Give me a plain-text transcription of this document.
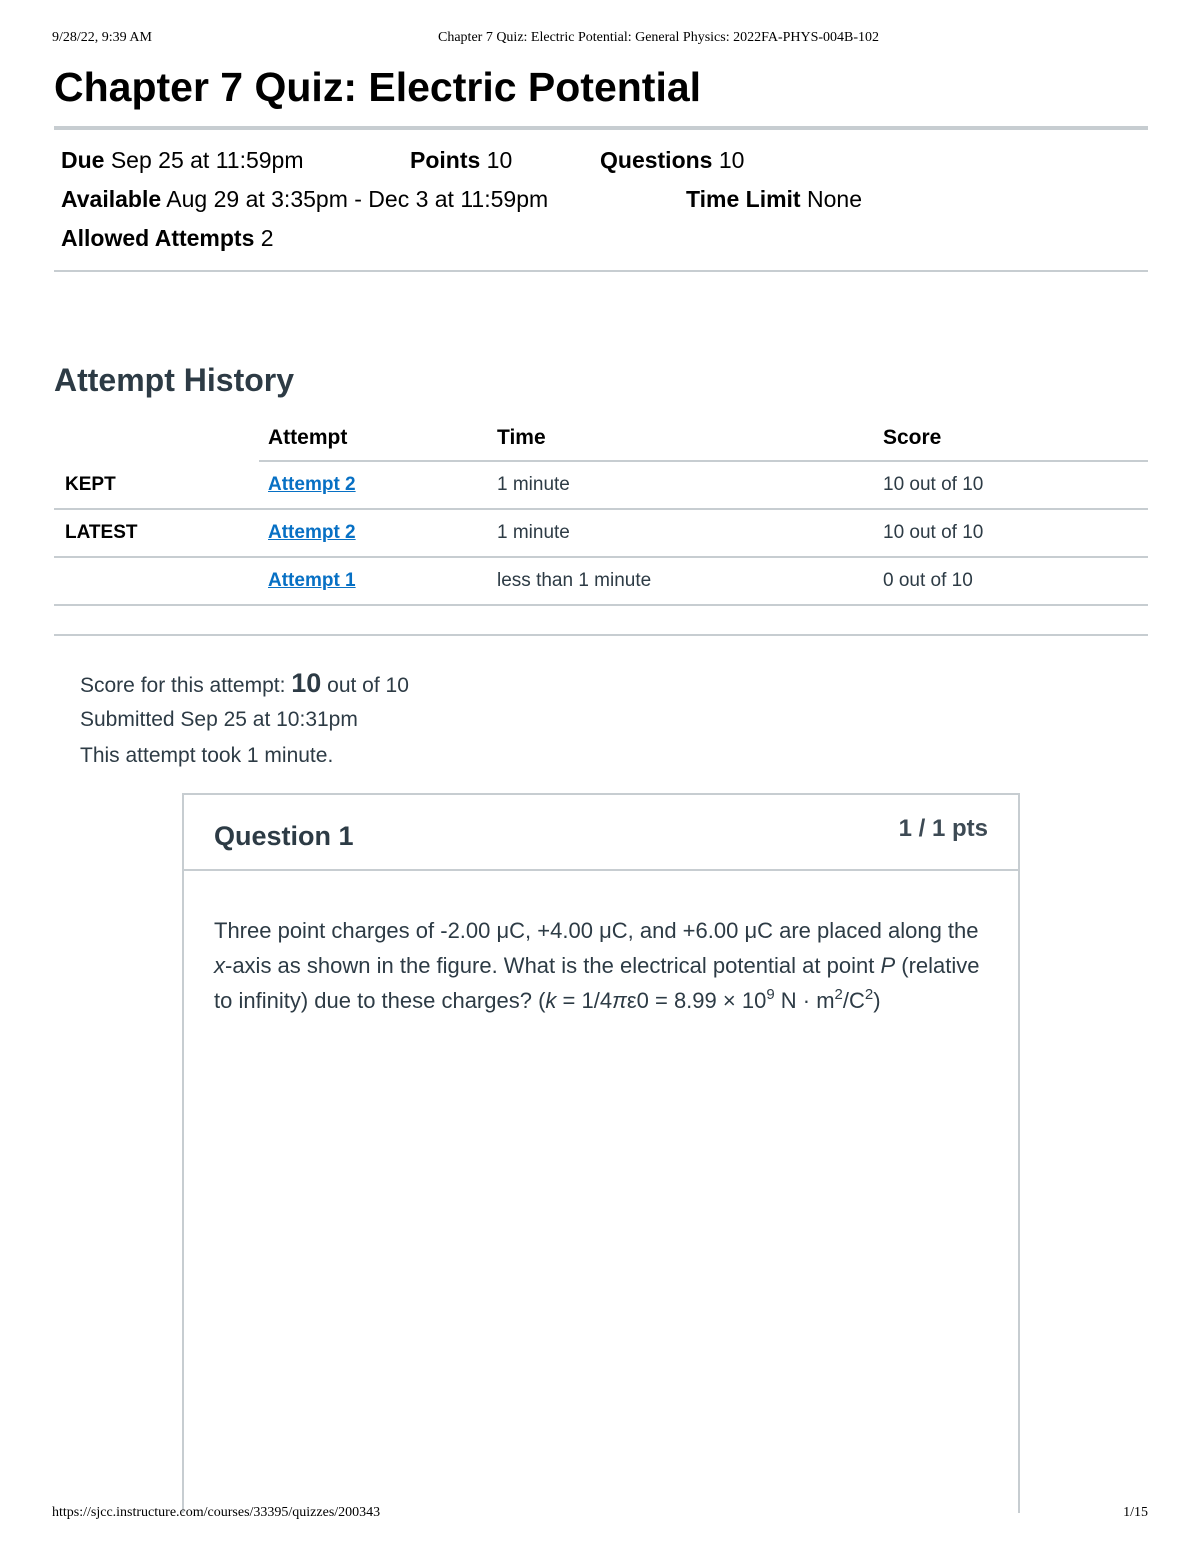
9/28/22, 9:39 AM	Chapter 7 Quiz: Electric Potential: General Physics: 2022FA-PHYS-004B-102
Chapter 7 Quiz: Electric Potential
Due Sep 25 at 11:59pm	Points 10	Questions 10
Available Aug 29 at 3:35pm - Dec 3 at 11:59pm	Time Limit None
Allowed Attempts 2
Attempt History
	Attempt	Time	Score
KEPT	Attempt 2	1 minute	10 out of 10
LATEST	Attempt 2	1 minute	10 out of 10
	Attempt 1	less than 1 minute	0 out of 10
Score for this attempt: 10 out of 10
Submitted Sep 25 at 10:31pm
This attempt took 1 minute.
Question 1	1 / 1 pts
Three point charges of -2.00 μC, +4.00 μC, and +6.00 μC are placed along the x-axis as shown in the figure. What is the electrical potential at point P (relative to infinity) due to these charges? ($k = 1/4\pi\varepsilon 0 = 8.99 \times 10^9$ $N \cdot m^2/C^2$)
https://sjcc.instructure.com/courses/33395/quizzes/200343	1/15
